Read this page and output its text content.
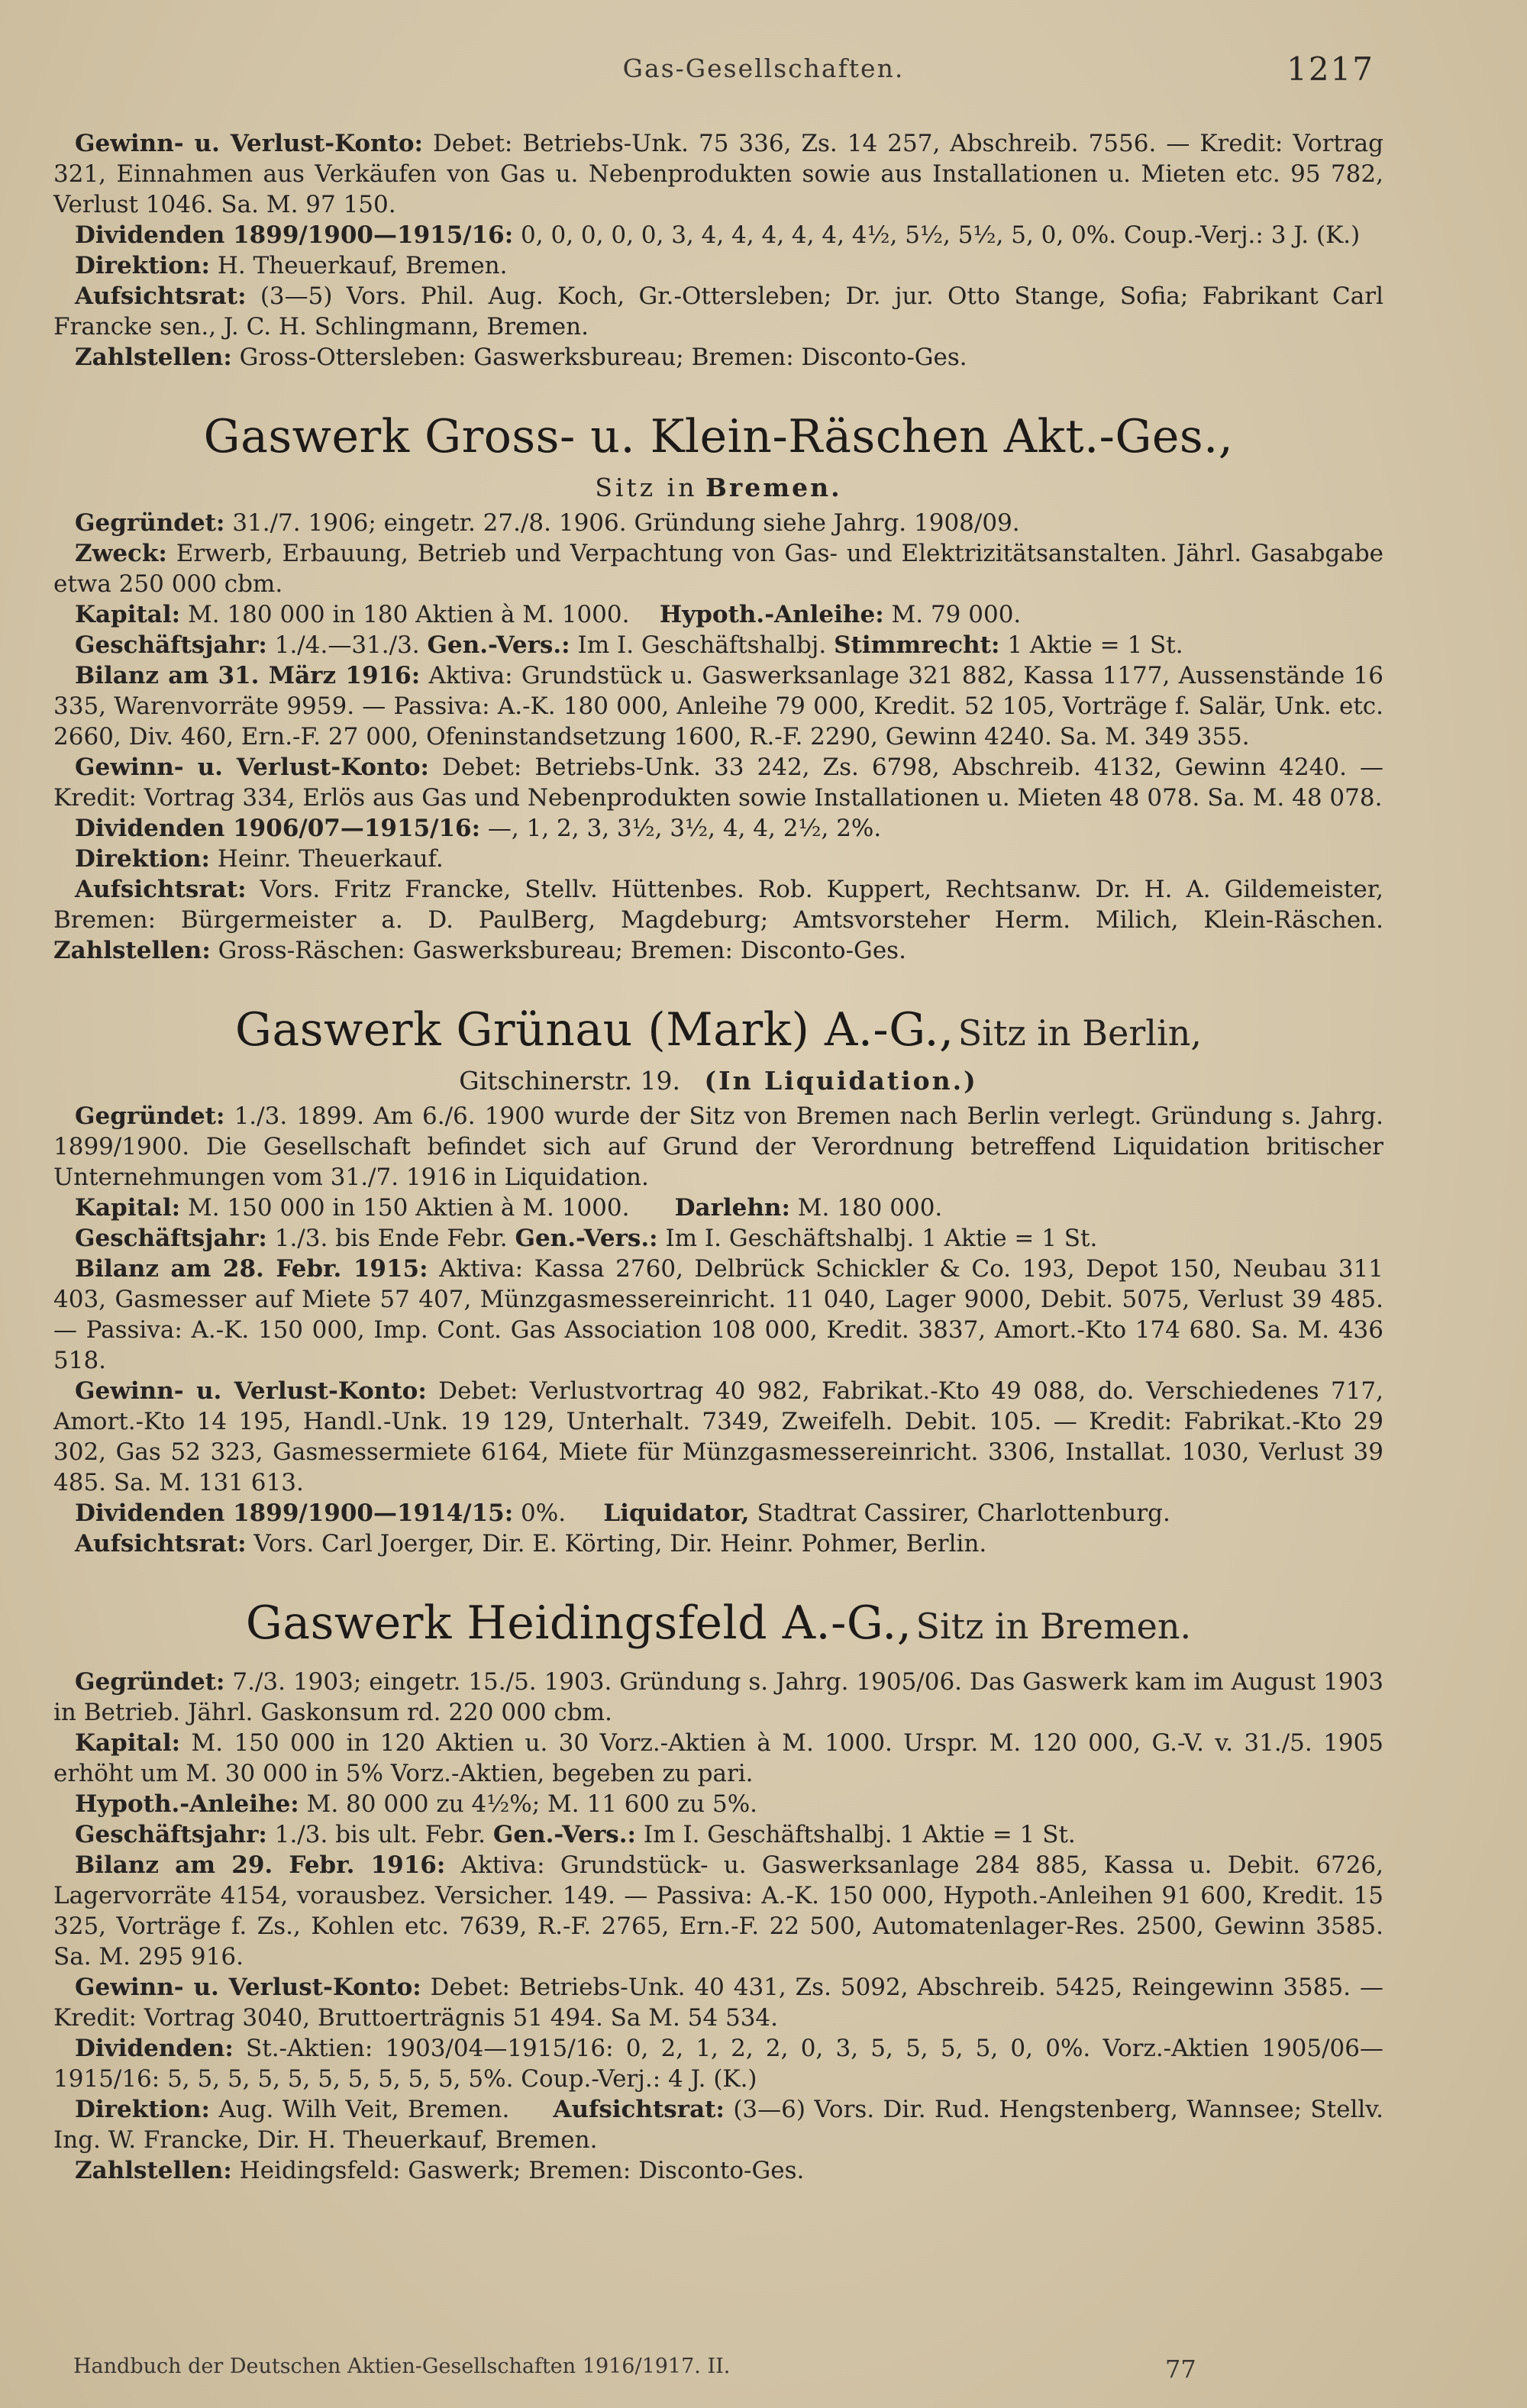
Gas-Gesellschaften.	1217

Gewinn- u. Verlust-Konto: Debet: Betriebs-Unk. 75 336, Zs. 14 257, Abschreib. 7556. — Kredit: Vortrag 321, Einnahmen aus Verkäufen von Gas u. Nebenprodukten sowie aus Installationen u. Mieten etc. 95 782, Verlust 1046. Sa. M. 97 150.

Dividenden 1899/1900—1915/16: 0, 0, 0, 0, 0, 3, 4, 4, 4, 4, 4, 4½, 5½, 5½, 5, 0, 0%. Coup.-Verj.: 3 J. (K.)

Direktion: H. Theuerkauf, Bremen.

Aufsichtsrat: (3—5) Vors. Phil. Aug. Koch, Gr.-Ottersleben; Dr. jur. Otto Stange, Sofia; Fabrikant Carl Francke sen., J. C. H. Schlingmann, Bremen.

Zahlstellen: Gross-Ottersleben: Gaswerksbureau; Bremen: Disconto-Ges.

Gaswerk Gross- u. Klein-Räschen Akt.-Ges.,
Sitz in Bremen.

Gegründet: 31./7. 1906; eingetr. 27./8. 1906. Gründung siehe Jahrg. 1908/09.

Zweck: Erwerb, Erbauung, Betrieb und Verpachtung von Gas- und Elektrizitätsanstalten. Jährl. Gasabgabe etwa 250 000 cbm.

Kapital: M. 180 000 in 180 Aktien à M. 1000. Hypoth.-Anleihe: M. 79 000.

Geschäftsjahr: 1./4.—31./3. Gen.-Vers.: Im I. Geschäftshalbj. Stimmrecht: 1 Aktie = 1 St.

Bilanz am 31. März 1916: Aktiva: Grundstück u. Gaswerksanlage 321 882, Kassa 1177, Aussenstände 16 335, Warenvorräte 9959. — Passiva: A.-K. 180 000, Anleihe 79 000, Kredit. 52 105, Vorträge f. Salär, Unk. etc. 2660, Div. 460, Ern.-F. 27 000, Ofeninstandsetzung 1600, R.-F. 2290, Gewinn 4240. Sa. M. 349 355.

Gewinn- u. Verlust-Konto: Debet: Betriebs-Unk. 33 242, Zs. 6798, Abschreib. 4132, Gewinn 4240. — Kredit: Vortrag 334, Erlös aus Gas und Nebenprodukten sowie Installationen u. Mieten 48 078. Sa. M. 48 078.

Dividenden 1906/07—1915/16: —, 1, 2, 3, 3½, 3½, 4, 4, 2½, 2%.

Direktion: Heinr. Theuerkauf.

Aufsichtsrat: Vors. Fritz Francke, Stellv. Hüttenbes. Rob. Kuppert, Rechtsanw. Dr. H. A. Gildemeister, Bremen: Bürgermeister a. D. PaulBerg, Magdeburg; Amtsvorsteher Herm. Milich, Klein-Räschen. Zahlstellen: Gross-Räschen: Gaswerksbureau; Bremen: Disconto-Ges.

Gaswerk Grünau (Mark) A.-G., Sitz in Berlin,
Gitschinerstr. 19. (In Liquidation.)

Gegründet: 1./3. 1899. Am 6./6. 1900 wurde der Sitz von Bremen nach Berlin verlegt. Gründung s. Jahrg. 1899/1900. Die Gesellschaft befindet sich auf Grund der Verordnung betreffend Liquidation britischer Unternehmungen vom 31./7. 1916 in Liquidation.

Kapital: M. 150 000 in 150 Aktien à M. 1000. Darlehn: M. 180 000.

Geschäftsjahr: 1./3. bis Ende Febr. Gen.-Vers.: Im I. Geschäftshalbj. 1 Aktie = 1 St.

Bilanz am 28. Febr. 1915: Aktiva: Kassa 2760, Delbrück Schickler & Co. 193, Depot 150, Neubau 311 403, Gasmesser auf Miete 57 407, Münzgasmessereinricht. 11 040, Lager 9000, Debit. 5075, Verlust 39 485. — Passiva: A.-K. 150 000, Imp. Cont. Gas Association 108 000, Kredit. 3837, Amort.-Kto 174 680. Sa. M. 436 518.

Gewinn- u. Verlust-Konto: Debet: Verlustvortrag 40 982, Fabrikat.-Kto 49 088, do. Verschiedenes 717, Amort.-Kto 14 195, Handl.-Unk. 19 129, Unterhalt. 7349, Zweifelh. Debit. 105. — Kredit: Fabrikat.-Kto 29 302, Gas 52 323, Gasmessermiete 6164, Miete für Münzgasmessereinricht. 3306, Installat. 1030, Verlust 39 485. Sa. M. 131 613.

Dividenden 1899/1900—1914/15: 0%. Liquidator, Stadtrat Cassirer, Charlottenburg.

Aufsichtsrat: Vors. Carl Joerger, Dir. E. Körting, Dir. Heinr. Pohmer, Berlin.

Gaswerk Heidingsfeld A.-G., Sitz in Bremen.

Gegründet: 7./3. 1903; eingetr. 15./5. 1903. Gründung s. Jahrg. 1905/06. Das Gaswerk kam im August 1903 in Betrieb. Jährl. Gaskonsum rd. 220 000 cbm.

Kapital: M. 150 000 in 120 Aktien u. 30 Vorz.-Aktien à M. 1000. Urspr. M. 120 000, G.-V. v. 31./5. 1905 erhöht um M. 30 000 in 5% Vorz.-Aktien, begeben zu pari.

Hypoth.-Anleihe: M. 80 000 zu 4½%; M. 11 600 zu 5%.

Geschäftsjahr: 1./3. bis ult. Febr. Gen.-Vers.: Im I. Geschäftshalbj. 1 Aktie = 1 St.

Bilanz am 29. Febr. 1916: Aktiva: Grundstück- u. Gaswerksanlage 284 885, Kassa u. Debit. 6726, Lagervorräte 4154, vorausbez. Versicher. 149. — Passiva: A.-K. 150 000, Hypoth.-Anleihen 91 600, Kredit. 15 325, Vorträge f. Zs., Kohlen etc. 7639, R.-F. 2765, Ern.-F. 22 500, Automatenlager-Res. 2500, Gewinn 3585. Sa. M. 295 916.

Gewinn- u. Verlust-Konto: Debet: Betriebs-Unk. 40 431, Zs. 5092, Abschreib. 5425, Reingewinn 3585. — Kredit: Vortrag 3040, Bruttoerträgnis 51 494. Sa M. 54 534.

Dividenden: St.-Aktien: 1903/04—1915/16: 0, 2, 1, 2, 2, 0, 3, 5, 5, 5, 5, 0, 0%. Vorz.-Aktien 1905/06—1915/16: 5, 5, 5, 5, 5, 5, 5, 5, 5, 5, 5%. Coup.-Verj.: 4 J. (K.)

Direktion: Aug. Wilh Veit, Bremen. Aufsichtsrat: (3—6) Vors. Dir. Rud. Hengstenberg, Wannsee; Stellv. Ing. W. Francke, Dir. H. Theuerkauf, Bremen.

Zahlstellen: Heidingsfeld: Gaswerk; Bremen: Disconto-Ges.

Handbuch der Deutschen Aktien-Gesellschaften 1916/1917. II.	77
